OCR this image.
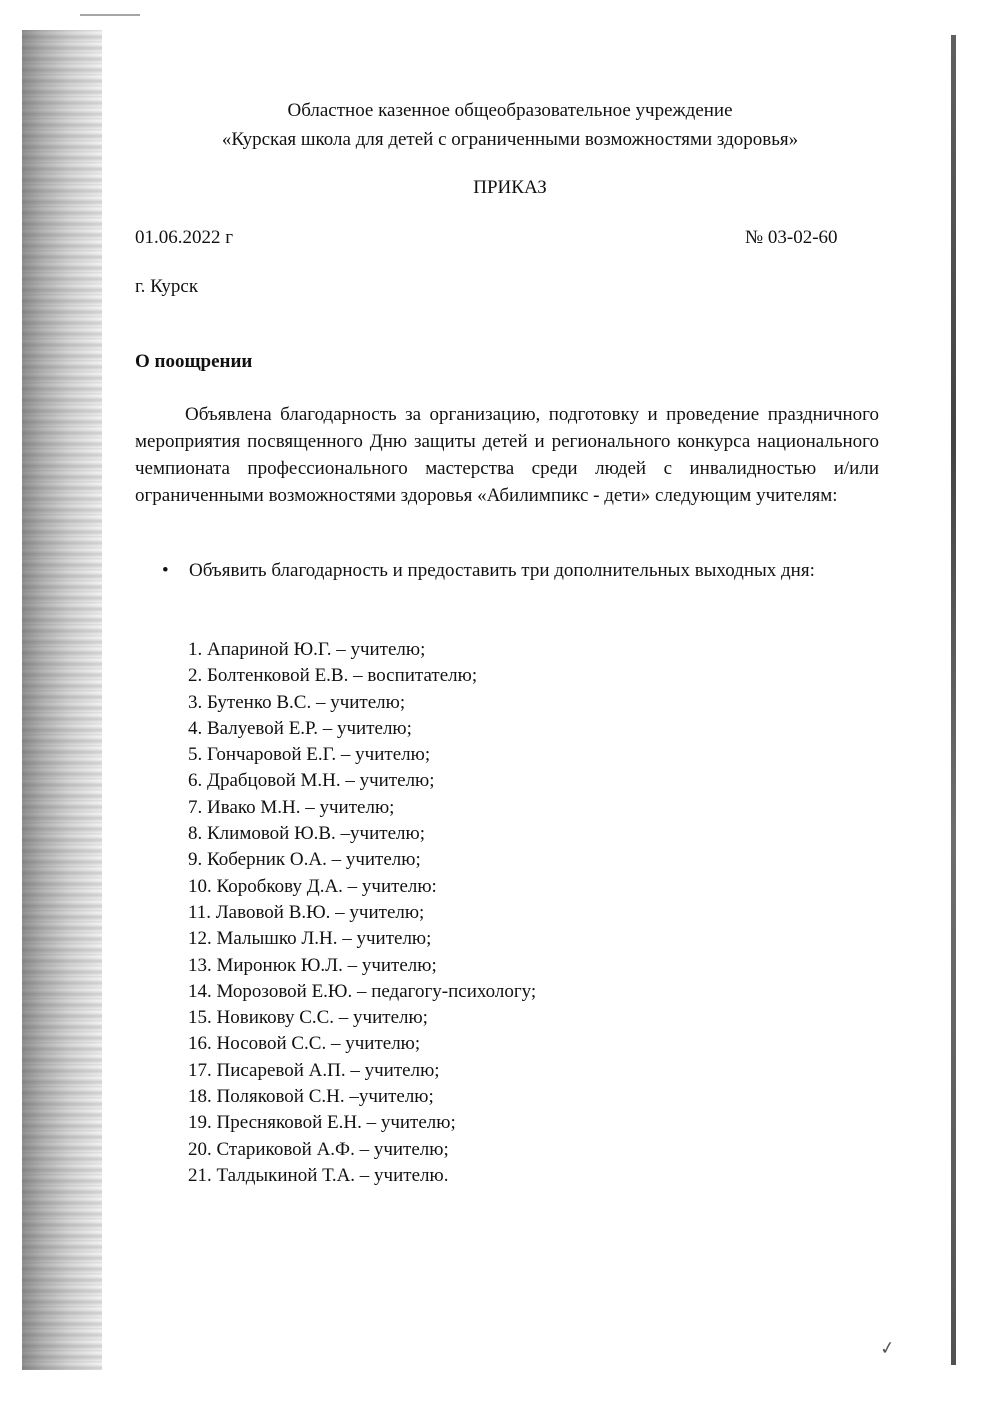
✓
Областное казенное общеобразовательное учреждение
«Курская школа для детей с ограниченными возможностями здоровья»
ПРИКАЗ
01.06.2022 г	№ 03-02-60
г. Курск
О поощрении
Объявлена благодарность за организацию, подготовку и проведение праздничного мероприятия посвященного Дню защиты детей и регионального конкурса национального чемпионата профессионального мастерства среди людей с инвалидностью и/или ограниченными возможностями здоровья «Абилимпикс - дети» следующим учителям:
• Объявить благодарность и предоставить три дополнительных выходных дня:
1. Апариной Ю.Г. – учителю;
2. Болтенковой Е.В. – воспитателю;
3. Бутенко В.С. – учителю;
4. Валуевой Е.Р. – учителю;
5. Гончаровой Е.Г. – учителю;
6. Драбцовой М.Н. – учителю;
7. Ивако М.Н. – учителю;
8. Климовой Ю.В. –учителю;
9. Коберник О.А. – учителю;
10. Коробкову Д.А. – учителю:
11. Лавовой В.Ю. – учителю;
12. Малышко Л.Н. – учителю;
13. Миронюк Ю.Л. – учителю;
14. Морозовой Е.Ю. – педагогу-психологу;
15. Новикову С.С. – учителю;
16. Носовой С.С. – учителю;
17. Писаревой А.П. – учителю;
18. Поляковой С.Н. –учителю;
19. Пресняковой Е.Н. – учителю;
20. Стариковой А.Ф. – учителю;
21. Талдыкиной Т.А. – учителю.
